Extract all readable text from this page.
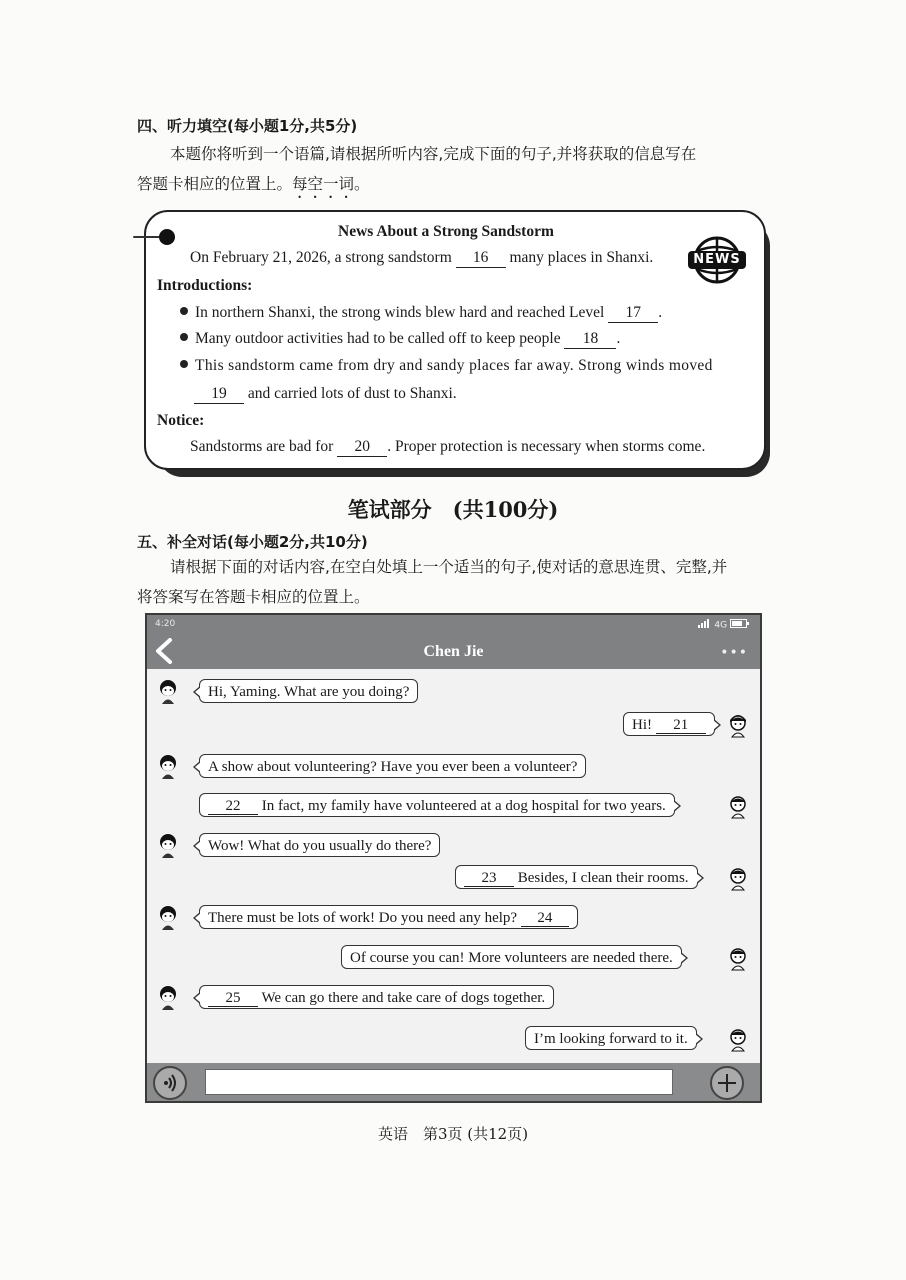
四、听力填空(每小题1分,共5分)
本题你将听到一个语篇,请根据所听内容,完成下面的句子,并将获取的信息写在
答题卡相应的位置上。每空一词。
News About a Strong Sandstorm
On February 21, 2026, a strong sandstorm 16 many places in Shanxi.
Introductions:
In northern Shanxi, the strong winds blew hard and reached Level 17 .
Many outdoor activities had to be called off to keep people 18 .
This sandstorm came from dry and sandy places far away. Strong winds moved
19 and carried lots of dust to Shanxi.
Notice:
Sandstorms are bad for 20 . Proper protection is necessary when storms come.
NEWS
笔试部分　(共100分)
五、补全对话(每小题2分,共10分)
请根据下面的对话内容,在空白处填上一个适当的句子,使对话的意思连贯、完整,并
将答案写在答题卡相应的位置上。
4:20	4G
Chen Jie	•••
Hi, Yaming. What are you doing?
Hi! 21
A show about volunteering? Have you ever been a volunteer?
22 In fact, my family have volunteered at a dog hospital for two years.
Wow! What do you usually do there?
23 Besides, I clean their rooms.
There must be lots of work! Do you need any help? 24
Of course you can! More volunteers are needed there.
25 We can go there and take care of dogs together.
I’m looking forward to it.
英语　第3页 (共12页)
